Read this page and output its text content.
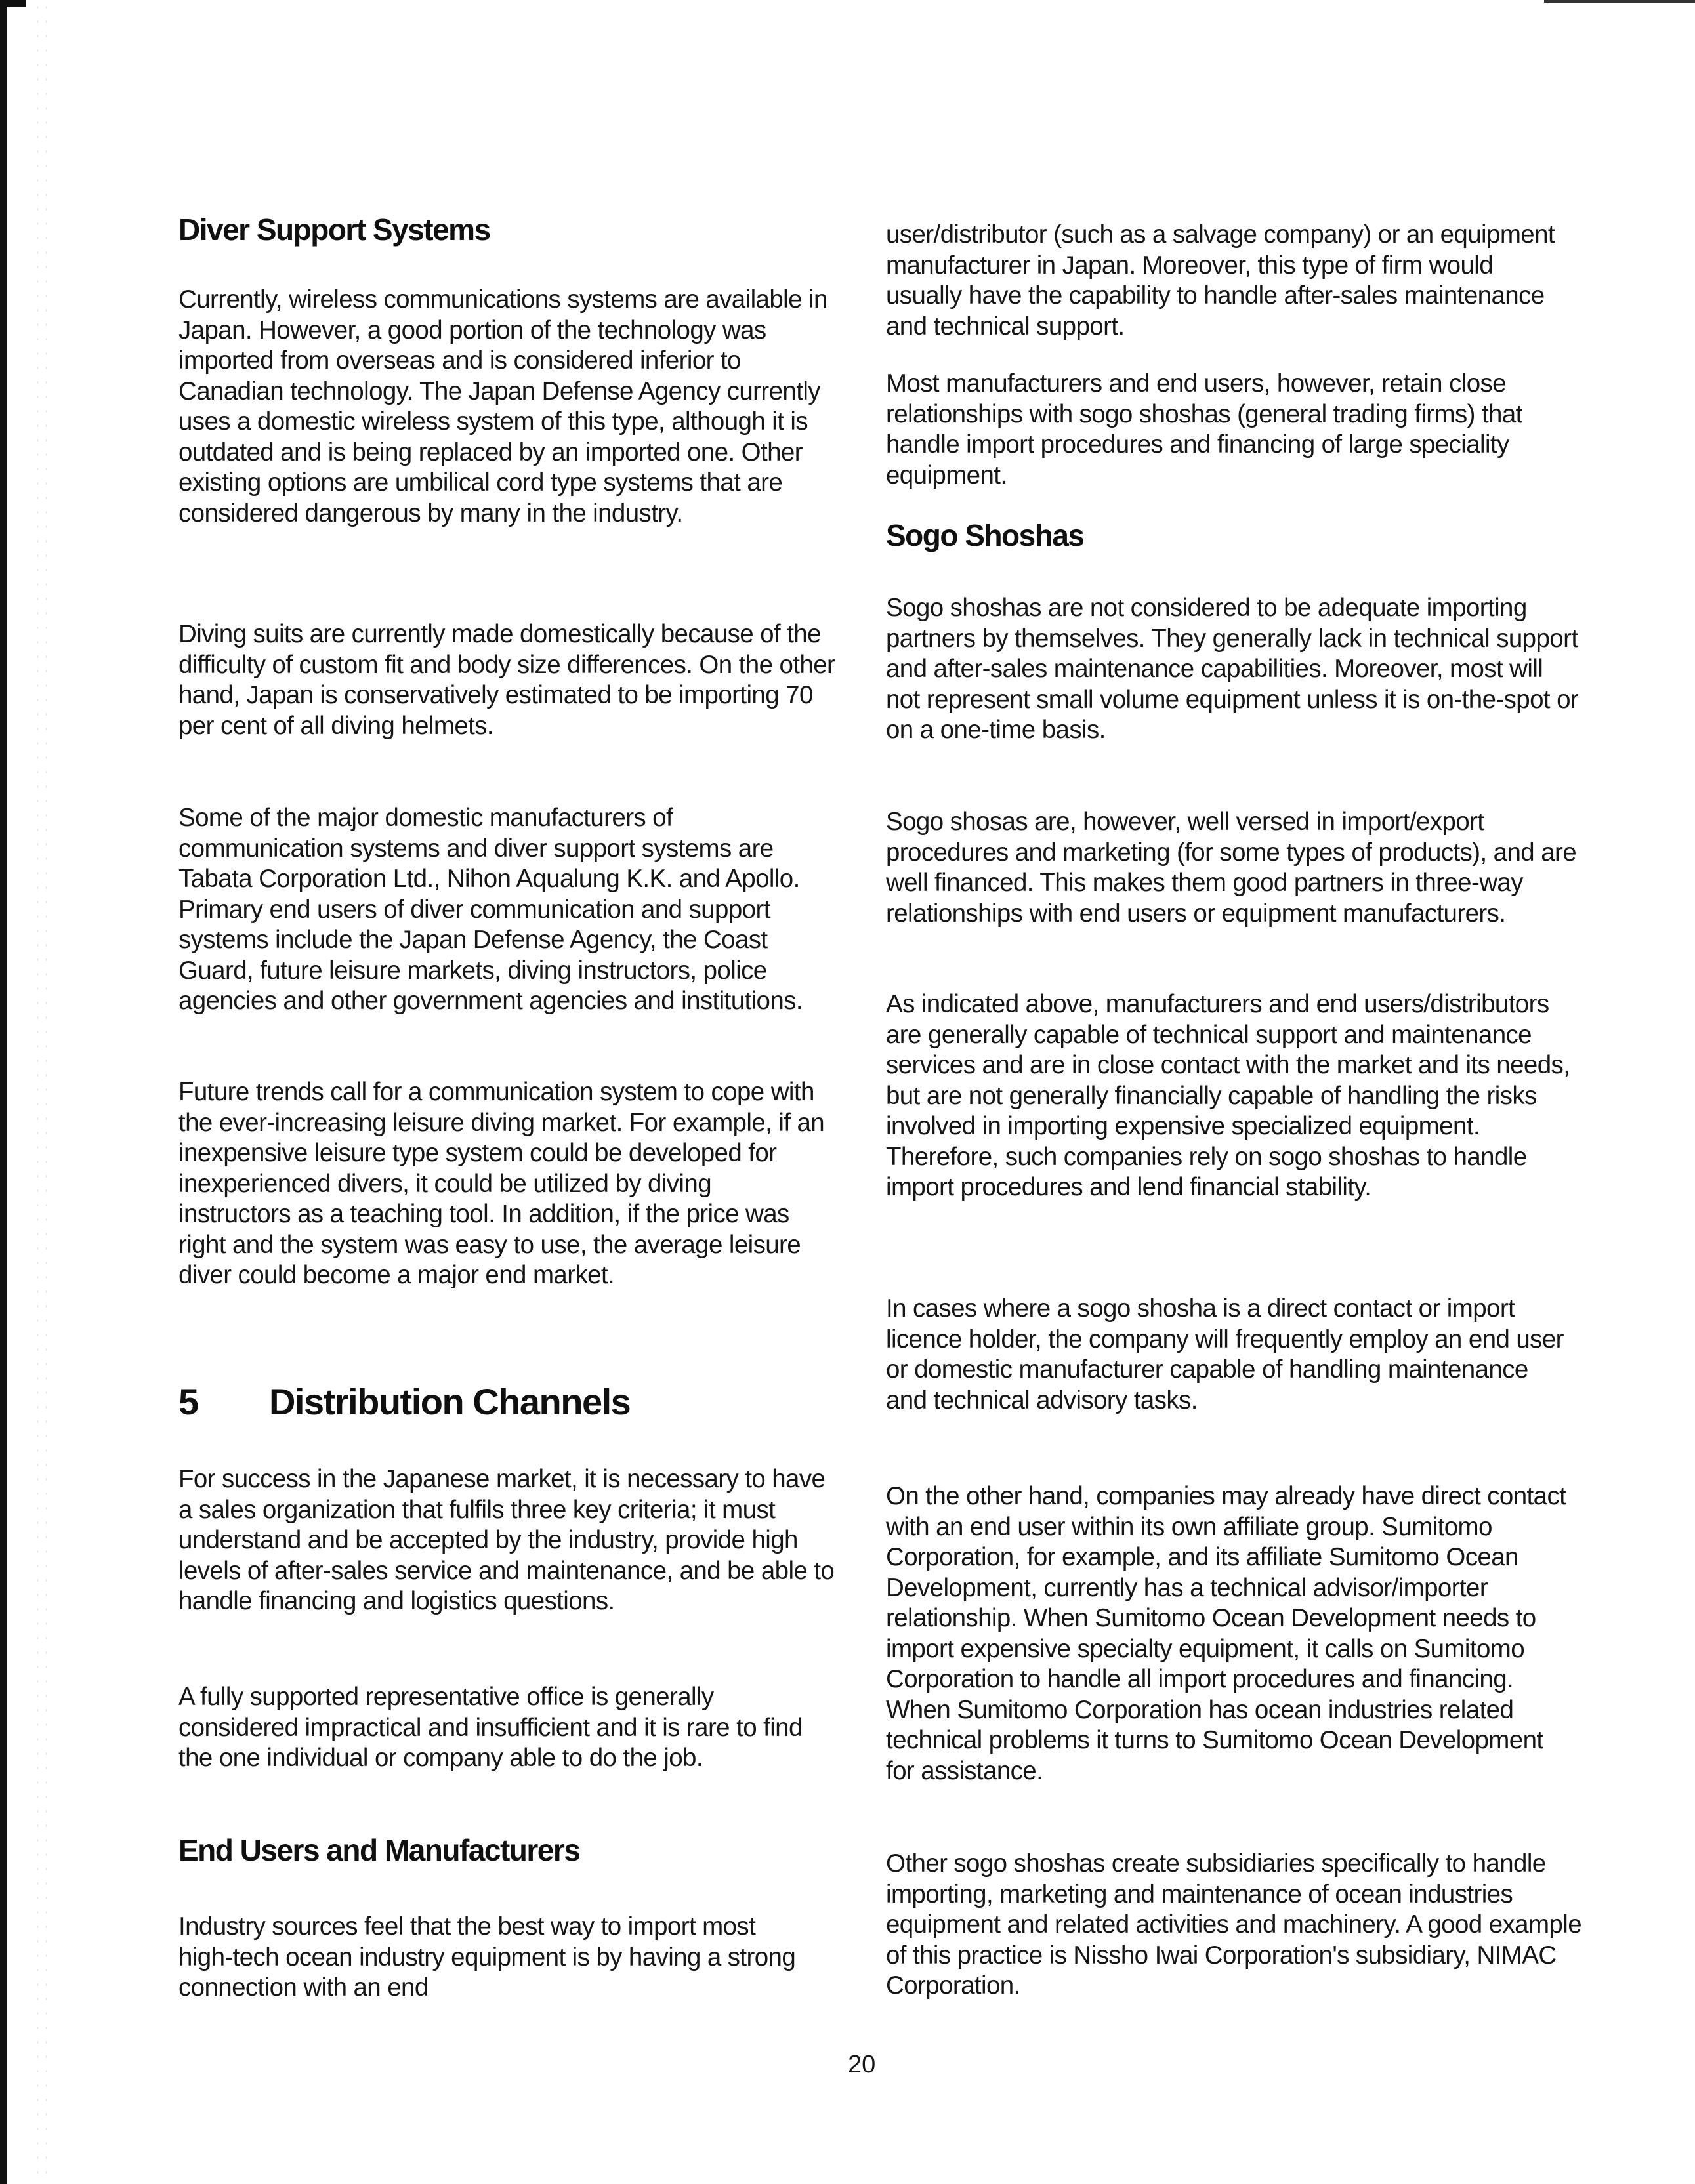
Diver Support Systems

Currently, wireless communications systems are available in Japan. However, a good portion of the technology was imported from overseas and is considered inferior to Canadian technology. The Japan Defense Agency currently uses a domestic wireless system of this type, although it is outdated and is being replaced by an imported one. Other existing options are umbilical cord type systems that are considered dangerous by many in the industry.

Diving suits are currently made domestically because of the difficulty of custom fit and body size differences. On the other hand, Japan is conservatively estimated to be importing 70 per cent of all diving helmets.

Some of the major domestic manufacturers of communication systems and diver support systems are Tabata Corporation Ltd., Nihon Aqualung K.K. and Apollo. Primary end users of diver communication and support systems include the Japan Defense Agency, the Coast Guard, future leisure markets, diving instructors, police agencies and other government agencies and institutions.

Future trends call for a communication system to cope with the ever-increasing leisure diving market. For example, if an inexpensive leisure type system could be developed for inexperienced divers, it could be utilized by diving instructors as a teaching tool. In addition, if the price was right and the system was easy to use, the average leisure diver could become a major end market.

5	Distribution Channels

For success in the Japanese market, it is necessary to have a sales organization that fulfils three key criteria; it must understand and be accepted by the industry, provide high levels of after-sales service and maintenance, and be able to handle financing and logistics questions.

A fully supported representative office is generally considered impractical and insufficient and it is rare to find the one individual or company able to do the job.

End Users and Manufacturers

Industry sources feel that the best way to import most high-tech ocean industry equipment is by having a strong connection with an end

user/distributor (such as a salvage company) or an equipment manufacturer in Japan. Moreover, this type of firm would usually have the capability to handle after-sales maintenance and technical support.

Most manufacturers and end users, however, retain close relationships with sogo shoshas (general trading firms) that handle import procedures and financing of large speciality equipment.

Sogo Shoshas

Sogo shoshas are not considered to be adequate importing partners by themselves. They generally lack in technical support and after-sales maintenance capabilities. Moreover, most will not represent small volume equipment unless it is on-the-spot or on a one-time basis.

Sogo shosas are, however, well versed in import/export procedures and marketing (for some types of products), and are well financed. This makes them good partners in three-way relationships with end users or equipment manufacturers.

As indicated above, manufacturers and end users/distributors are generally capable of technical support and maintenance services and are in close contact with the market and its needs, but are not generally financially capable of handling the risks involved in importing expensive specialized equipment. Therefore, such companies rely on sogo shoshas to handle import procedures and lend financial stability.

In cases where a sogo shosha is a direct contact or import licence holder, the company will frequently employ an end user or domestic manufacturer capable of handling maintenance and technical advisory tasks.

On the other hand, companies may already have direct contact with an end user within its own affiliate group. Sumitomo Corporation, for example, and its affiliate Sumitomo Ocean Development, currently has a technical advisor/importer relationship. When Sumitomo Ocean Development needs to import expensive specialty equipment, it calls on Sumitomo Corporation to handle all import procedures and financing. When Sumitomo Corporation has ocean industries related technical problems it turns to Sumitomo Ocean Development for assistance.

Other sogo shoshas create subsidiaries specifically to handle importing, marketing and maintenance of ocean industries equipment and related activities and machinery. A good example of this practice is Nissho Iwai Corporation's subsidiary, NIMAC Corporation.

20
